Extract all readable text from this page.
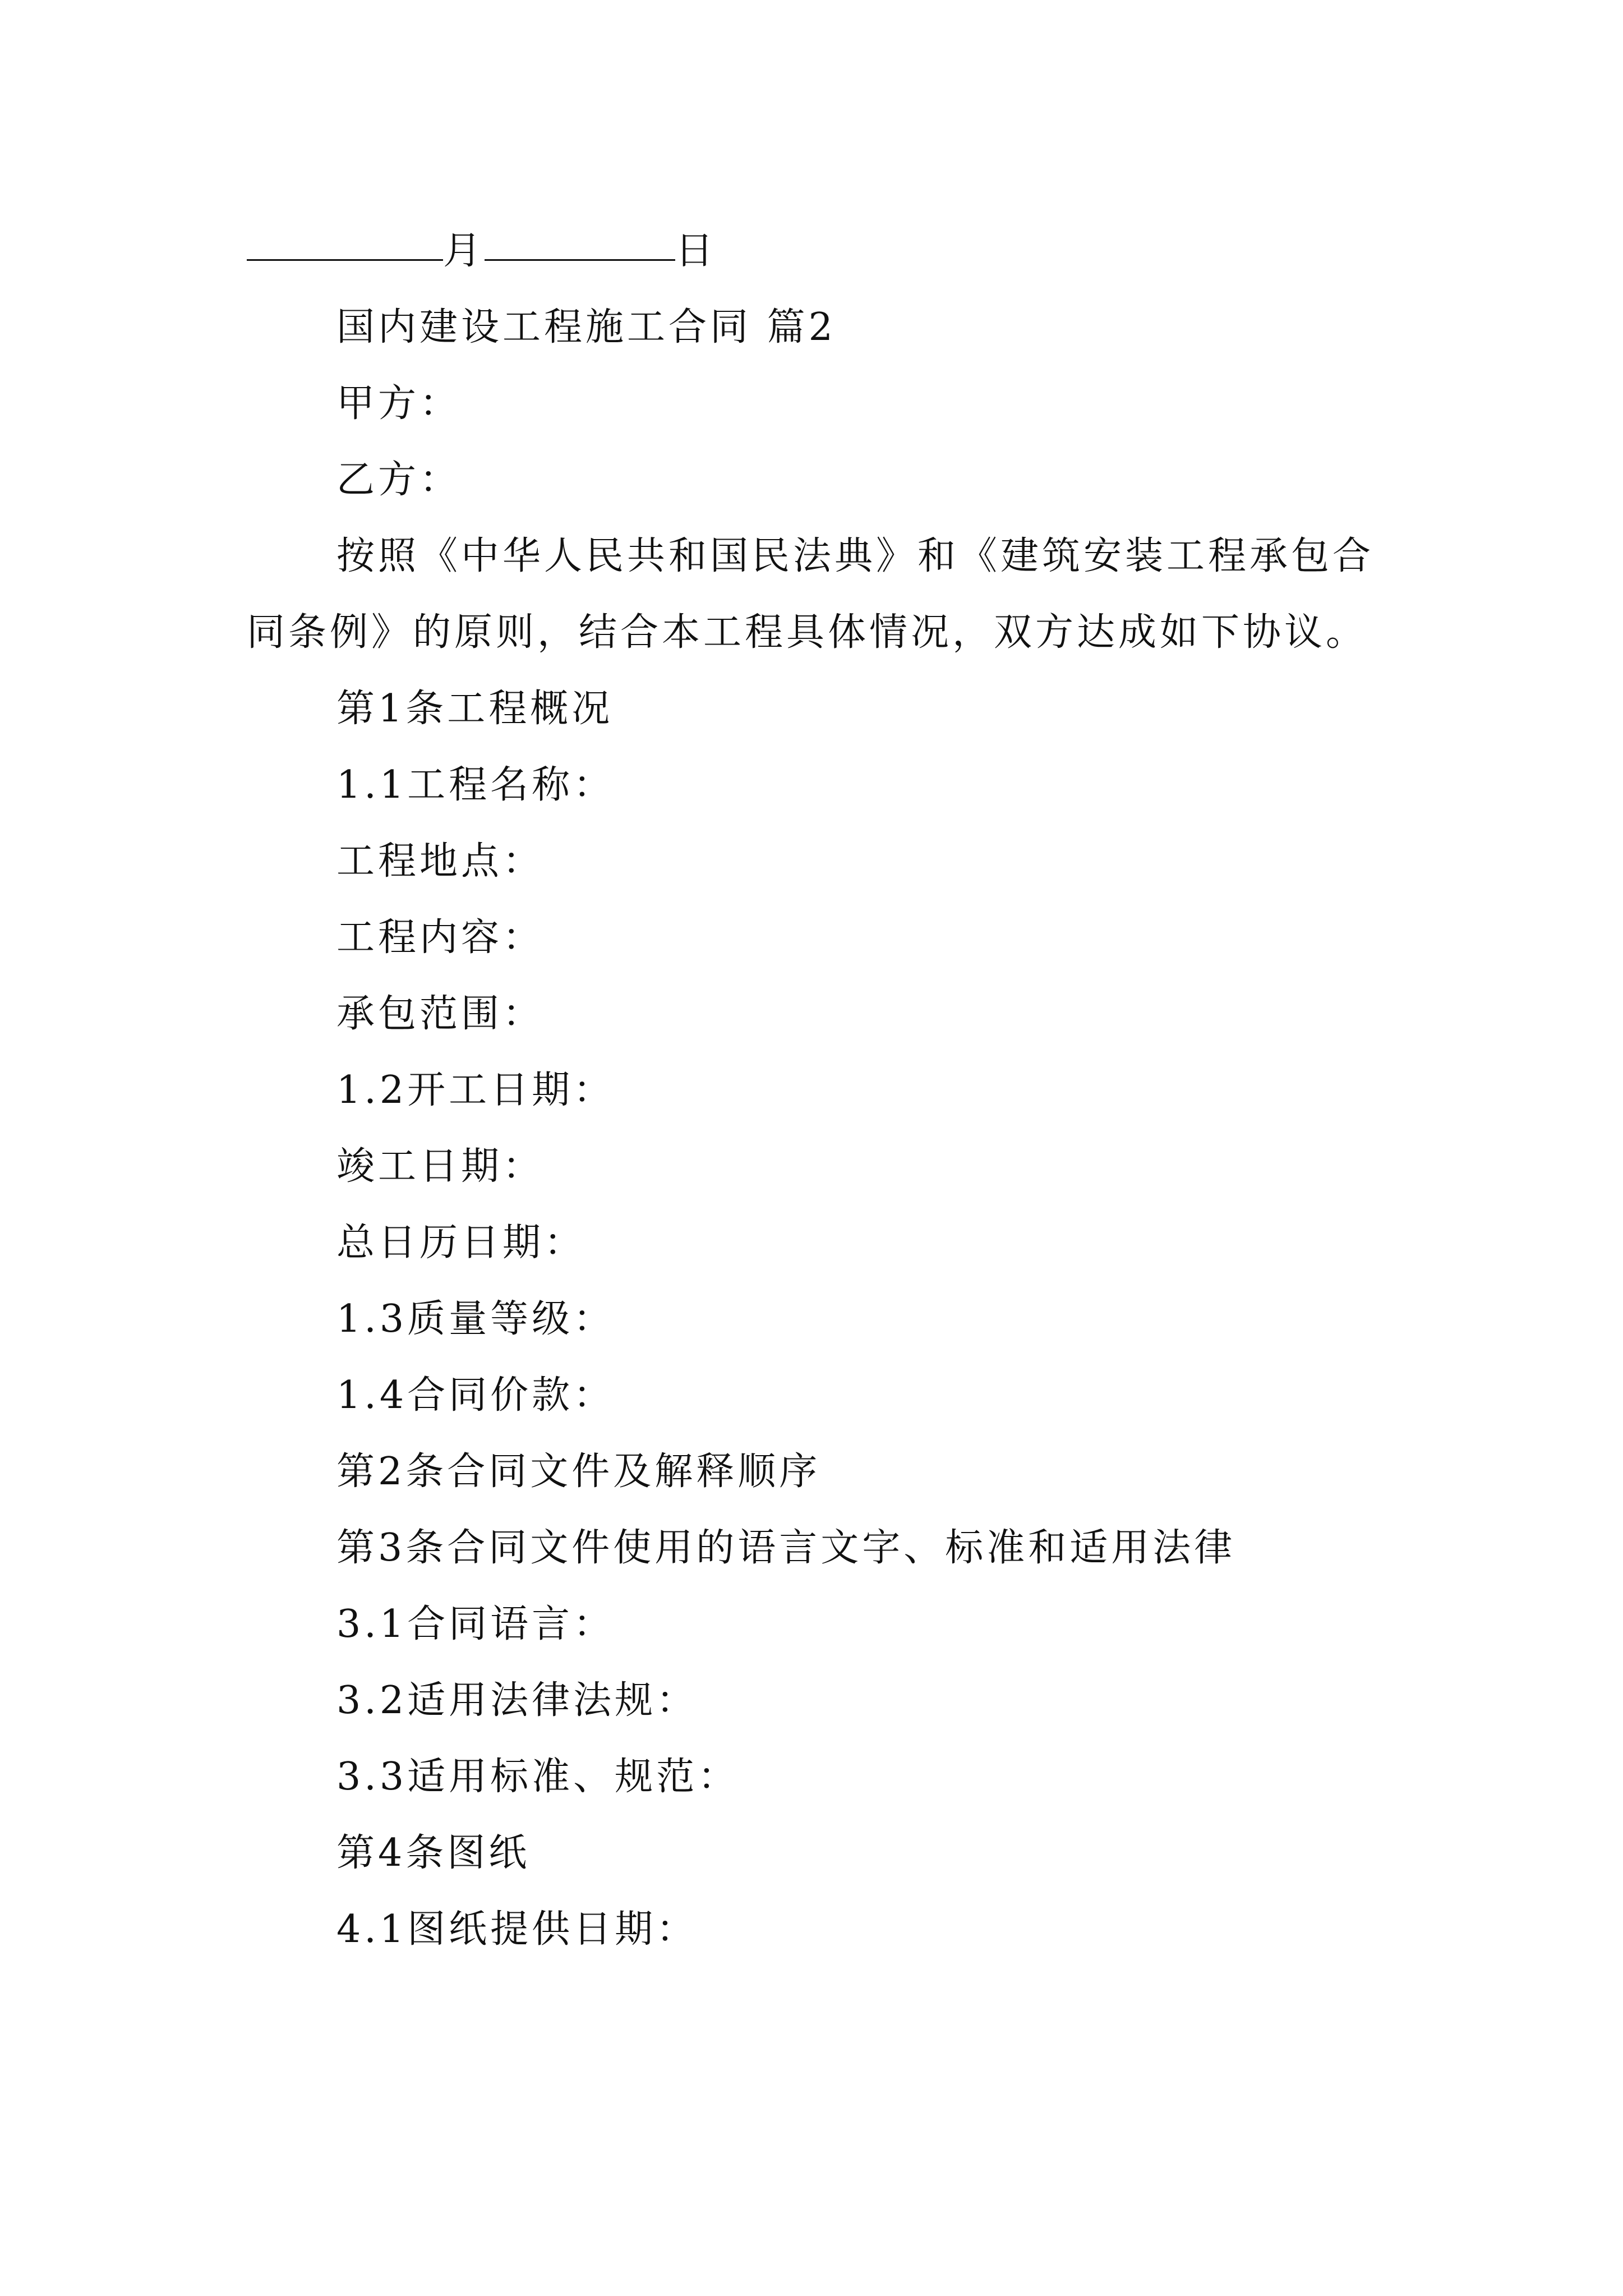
月	日

国内建设工程施工合同 篇2

甲方：

乙方：

按照《中华人民共和国民法典》和《建筑安装工程承包合同条例》的原则，结合本工程具体情况，双方达成如下协议。

第1条工程概况

1.1工程名称：

工程地点：

工程内容：

承包范围：

1.2开工日期：

竣工日期：

总日历日期：

1.3质量等级：

1.4合同价款：

第2条合同文件及解释顺序

第3条合同文件使用的语言文字、标准和适用法律

3.1合同语言：

3.2适用法律法规：

3.3适用标准、规范：

第4条图纸

4.1图纸提供日期：
